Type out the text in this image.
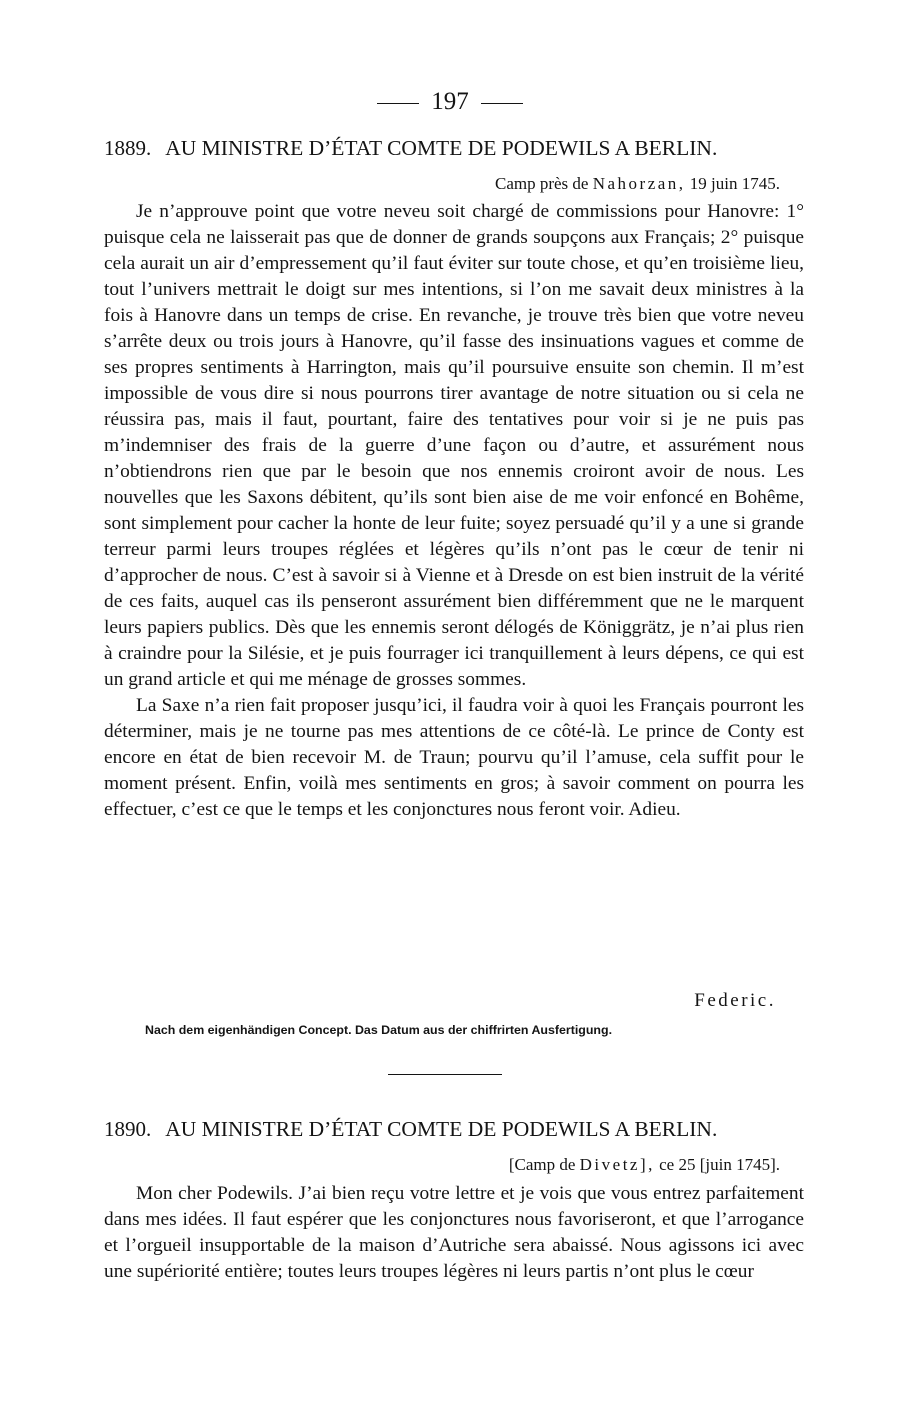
197
1889. AU MINISTRE D’ÉTAT COMTE DE PODEWILS A BERLIN.
Camp près de Nahorzan, 19 juin 1745.

Je n’approuve point que votre neveu soit chargé de commissions pour Hanovre: 1° puisque cela ne laisserait pas que de donner de grands soupçons aux Français; 2° puisque cela aurait un air d’empressement qu’il faut éviter sur toute chose, et qu’en troisième lieu, tout l’univers mettrait le doigt sur mes intentions, si l’on me savait deux ministres à la fois à Hanovre dans un temps de crise. En revanche, je trouve très bien que votre neveu s’arrête deux ou trois jours à Hanovre, qu’il fasse des insinuations vagues et comme de ses propres sentiments à Harrington, mais qu’il poursuive ensuite son chemin. Il m’est impossible de vous dire si nous pourrons tirer avantage de notre situation ou si cela ne réussira pas, mais il faut, pourtant, faire des tentatives pour voir si je ne puis pas m’indemniser des frais de la guerre d’une façon ou d’autre, et assurément nous n’obtiendrons rien que par le besoin que nos ennemis croiront avoir de nous. Les nouvelles que les Saxons débitent, qu’ils sont bien aise de me voir enfoncé en Bohême, sont simplement pour cacher la honte de leur fuite; soyez persuadé qu’il y a une si grande terreur parmi leurs troupes réglées et légères qu’ils n’ont pas le cœur de tenir ni d’approcher de nous. C’est à savoir si à Vienne et à Dresde on est bien instruit de la vérité de ces faits, auquel cas ils penseront assurément bien différemment que ne le marquent leurs papiers publics. Dès que les ennemis seront délogés de Königgrätz, je n’ai plus rien à craindre pour la Silésie, et je puis fourrager ici tranquillement à leurs dépens, ce qui est un grand article et qui me ménage de grosses sommes.

La Saxe n’a rien fait proposer jusqu’ici, il faudra voir à quoi les Français pourront les déterminer, mais je ne tourne pas mes attentions de ce côté-là. Le prince de Conty est encore en état de bien recevoir M. de Traun; pourvu qu’il l’amuse, cela suffit pour le moment présent. Enfin, voilà mes sentiments en gros; à savoir comment on pourra les effectuer, c’est ce que le temps et les conjonctures nous feront voir. Adieu.

Federic.
Nach dem eigenhändigen Concept. Das Datum aus der chiffrirten Ausfertigung.
1890. AU MINISTRE D’ÉTAT COMTE DE PODEWILS A BERLIN.
[Camp de Divetz], ce 25 [juin 1745].

Mon cher Podewils. J’ai bien reçu votre lettre et je vois que vous entrez parfaitement dans mes idées. Il faut espérer que les conjonctures nous favoriseront, et que l’arrogance et l’orgueil insupportable de la maison d’Autriche sera abaissé. Nous agissons ici avec une supériorité entière; toutes leurs troupes légères ni leurs partis n’ont plus le cœur
